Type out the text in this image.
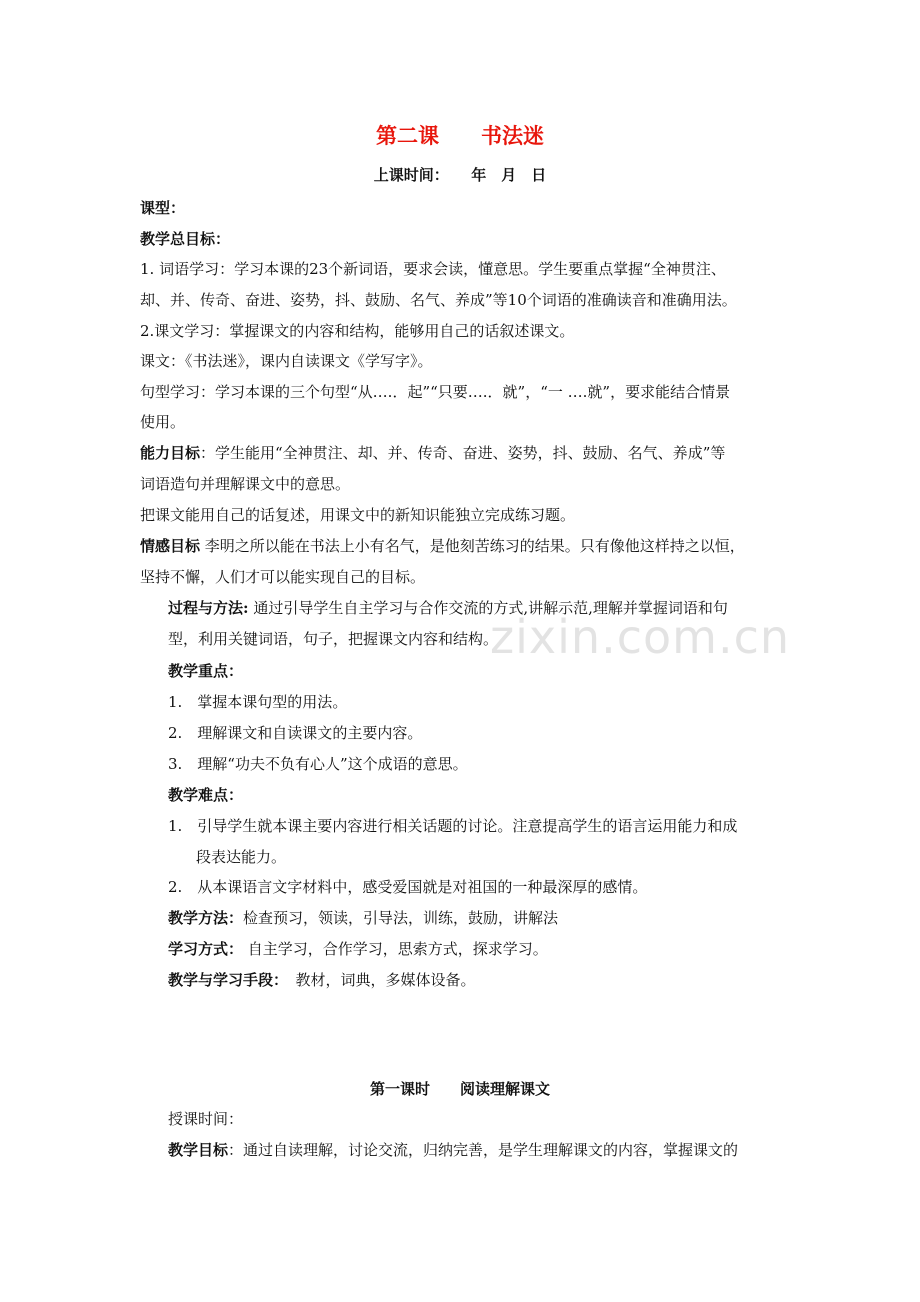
zixin.com.cn
第二课　　书法迷
上课时间：　　年　月　日
课型：
教学总目标：
1. 词语学习：学习本课的23个新词语，要求会读，懂意思。学生要重点掌握“全神贯注、
却、并、传奇、奋进、姿势，抖、鼓励、名气、养成”等10个词语的准确读音和准确用法。
2.课文学习：掌握课文的内容和结构，能够用自己的话叙述课文。
课文：《书法迷》，课内自读课文《学写字》。
句型学习：学习本课的三个句型“从….．起”“只要….．就”，“一 ….就”，要求能结合情景
使用。
能力目标：学生能用“全神贯注、却、并、传奇、奋进、姿势，抖、鼓励、名气、养成”等
词语造句并理解课文中的意思。
把课文能用自己的话复述，用课文中的新知识能独立完成练习题。
情感目标 李明之所以能在书法上小有名气，是他刻苦练习的结果。只有像他这样持之以恒，
坚持不懈，人们才可以能实现自己的目标。
过程与方法: 通过引导学生自主学习与合作交流的方式,讲解示范,理解并掌握词语和句
型，利用关键词语，句子，把握课文内容和结构。
教学重点：
1.　掌握本课句型的用法。
2.　理解课文和自读课文的主要内容。
3.　理解“功夫不负有心人”这个成语的意思。
教学难点：
1.　引导学生就本课主要内容进行相关话题的讨论。注意提高学生的语言运用能力和成
段表达能力。
2.　从本课语言文字材料中，感受爱国就是对祖国的一种最深厚的感情。
教学方法：检查预习，领读，引导法，训练，鼓励，讲解法
学习方式： 自主学习，合作学习，思索方式，探求学习。
教学与学习手段：　教材，词典，多媒体设备。
第一课时　　阅读理解课文
授课时间：
教学目标：通过自读理解，讨论交流，归纳完善，是学生理解课文的内容，掌握课文的
